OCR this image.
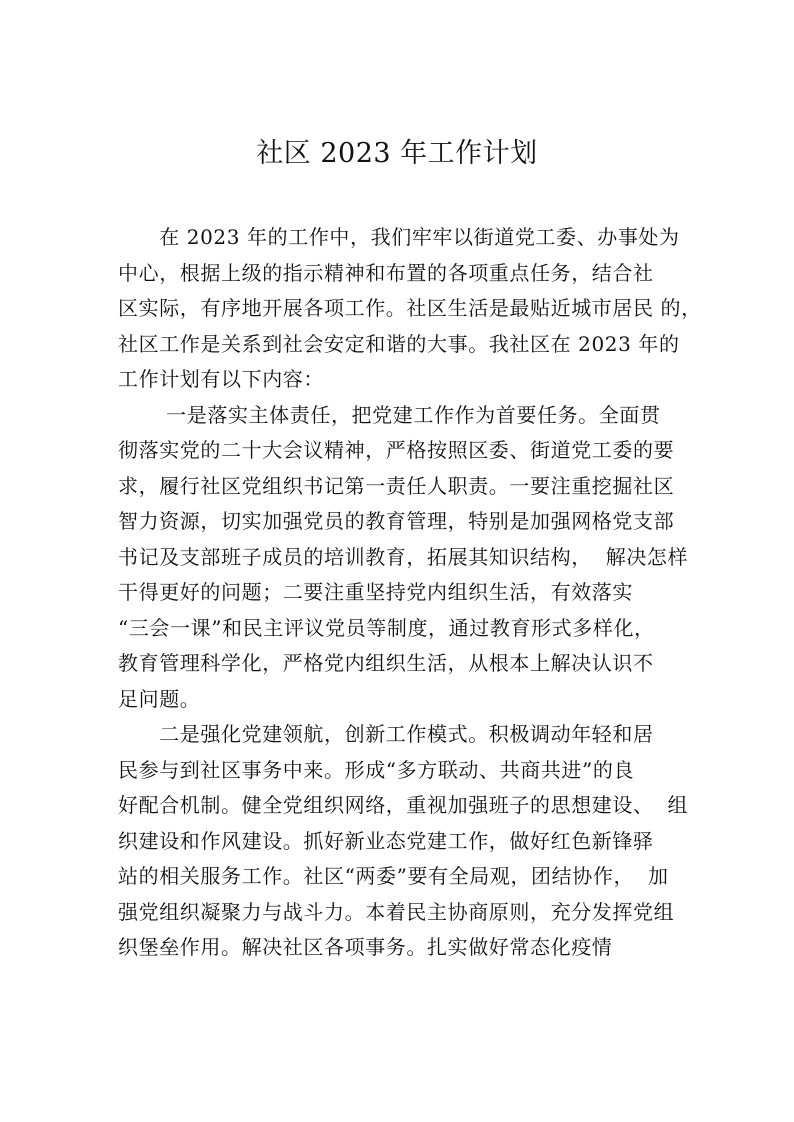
社区 2023 年工作计划
　　在 2023 年的工作中，我们牢牢以街道党工委、办事处为
中心，根据上级的指示精神和布置的各项重点任务，结合社
区实际，有序地开展各项工作。社区生活是最贴近城市居民 的，
社区工作是关系到社会安定和谐的大事。我社区在 2023 年的
工作计划有以下内容：
　　 一是落实主体责任，把党建工作作为首要任务。全面贯
彻落实党的二十大会议精神，严格按照区委、街道党工委的要
求，履行社区党组织书记第一责任人职责。一要注重挖掘社区
智力资源，切实加强党员的教育管理，特别是加强网格党支部
书记及支部班子成员的培训教育，拓展其知识结构，  解决怎样
干得更好的问题；二要注重坚持党内组织生活，有效落实
“三会一课”和民主评议党员等制度，通过教育形式多样化，
教育管理科学化，严格党内组织生活，从根本上解决认识不
足问题。
　　二是强化党建领航，创新工作模式。积极调动年轻和居
民参与到社区事务中来。形成“多方联动、共商共进”的良
好配合机制。健全党组织网络，重视加强班子的思想建设、  组
织建设和作风建设。抓好新业态党建工作，做好红色新锋驿
站的相关服务工作。社区“两委”要有全局观，团结协作，  加
强党组织凝聚力与战斗力。本着民主协商原则，充分发挥党组
织堡垒作用。解决社区各项事务。扎实做好常态化疫情
